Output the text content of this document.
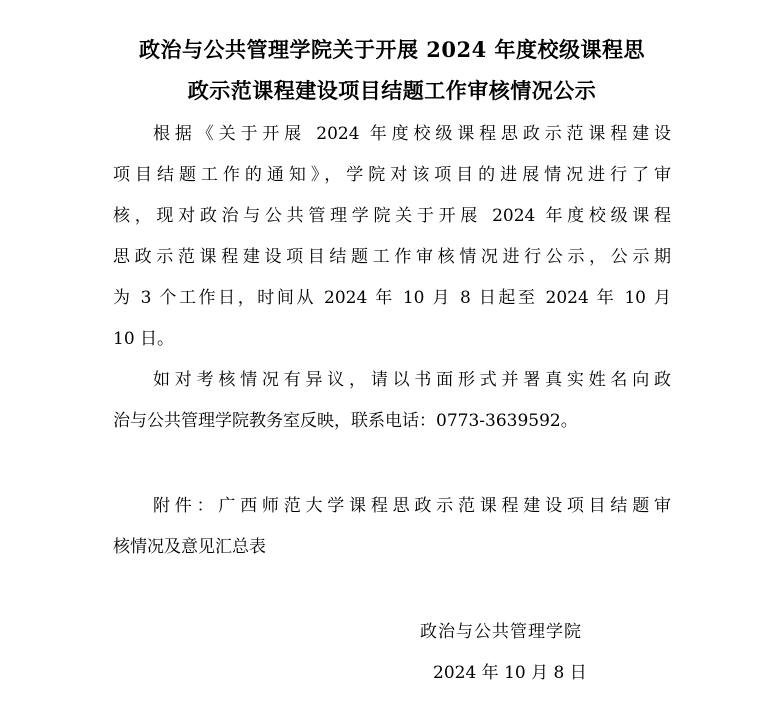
政治与公共管理学院关于开展 2024 年度校级课程思
政示范课程建设项目结题工作审核情况公示
根据《关于开展 2024 年度校级课程思政示范课程建设
项目结题工作的通知》，学院对该项目的进展情况进行了审
核，现对政治与公共管理学院关于开展 2024 年度校级课程
思政示范课程建设项目结题工作审核情况进行公示，公示期
为 3 个工作日，时间从 2024 年 10 月 8 日起至 2024 年 10 月
10 日。
如对考核情况有异议，请以书面形式并署真实姓名向政
治与公共管理学院教务室反映，联系电话：0773-3639592。
附件：广西师范大学课程思政示范课程建设项目结题审
核情况及意见汇总表
政治与公共管理学院
2024 年 10 月 8 日
